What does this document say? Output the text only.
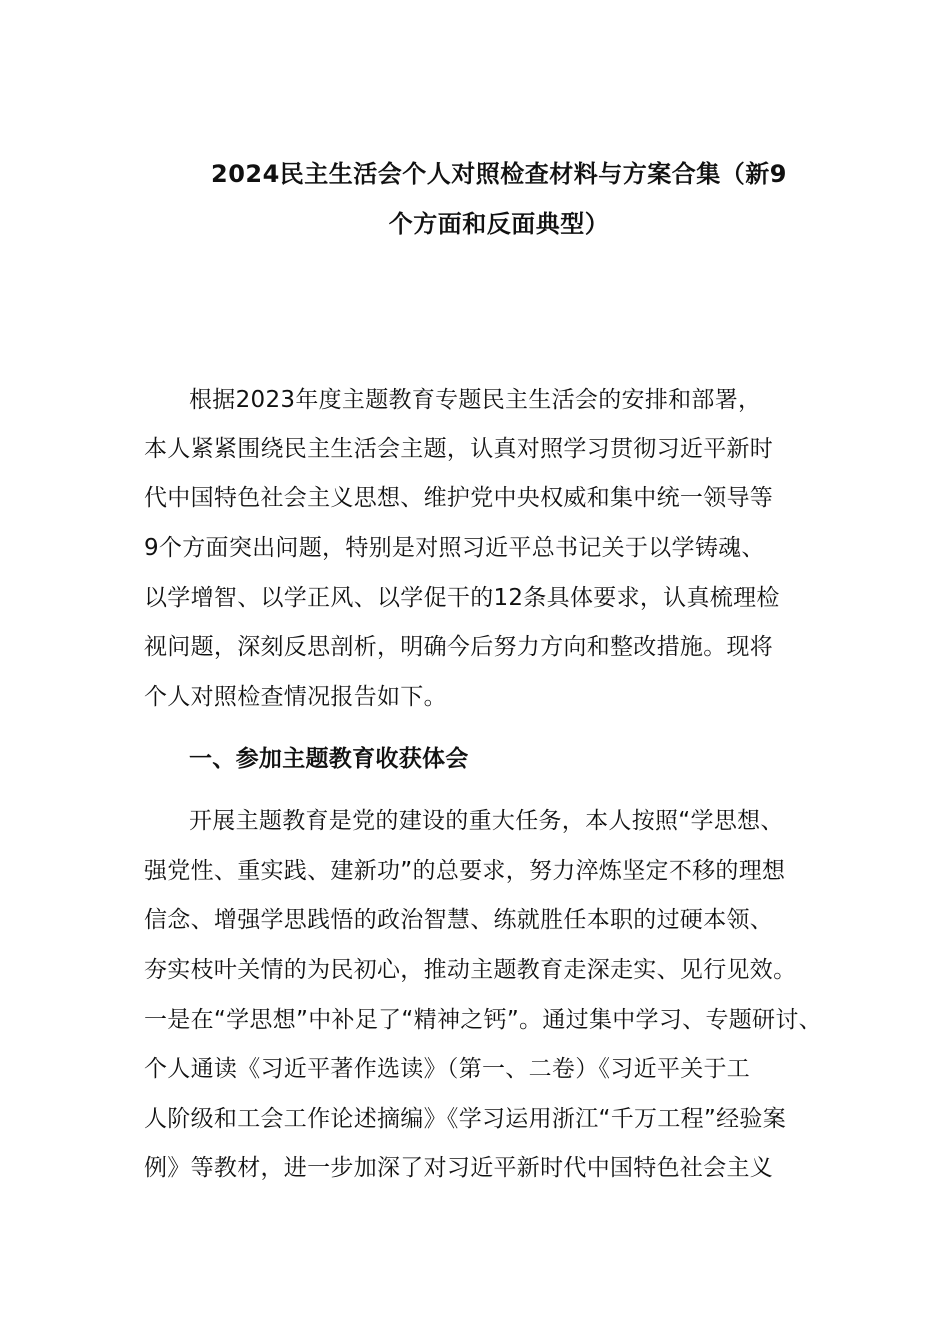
2024民主生活会个人对照检查材料与方案合集（新9
个方面和反面典型）
根据2023年度主题教育专题民主生活会的安排和部署，
本人紧紧围绕民主生活会主题，认真对照学习贯彻习近平新时
代中国特色社会主义思想、维护党中央权威和集中统一领导等
9个方面突出问题，特别是对照习近平总书记关于以学铸魂、
以学增智、以学正风、以学促干的12条具体要求，认真梳理检
视问题，深刻反思剖析，明确今后努力方向和整改措施。现将
个人对照检查情况报告如下。
一、参加主题教育收获体会
开展主题教育是党的建设的重大任务，本人按照“学思想、
强党性、重实践、建新功”的总要求，努力淬炼坚定不移的理想
信念、增强学思践悟的政治智慧、练就胜任本职的过硬本领、
夯实枝叶关情的为民初心，推动主题教育走深走实、见行见效。
一是在“学思想”中补足了“精神之钙”。通过集中学习、专题研讨、
个人通读《习近平著作选读》（第一、二卷）《习近平关于工
人阶级和工会工作论述摘编》《学习运用浙江“千万工程”经验案
例》等教材，进一步加深了对习近平新时代中国特色社会主义
